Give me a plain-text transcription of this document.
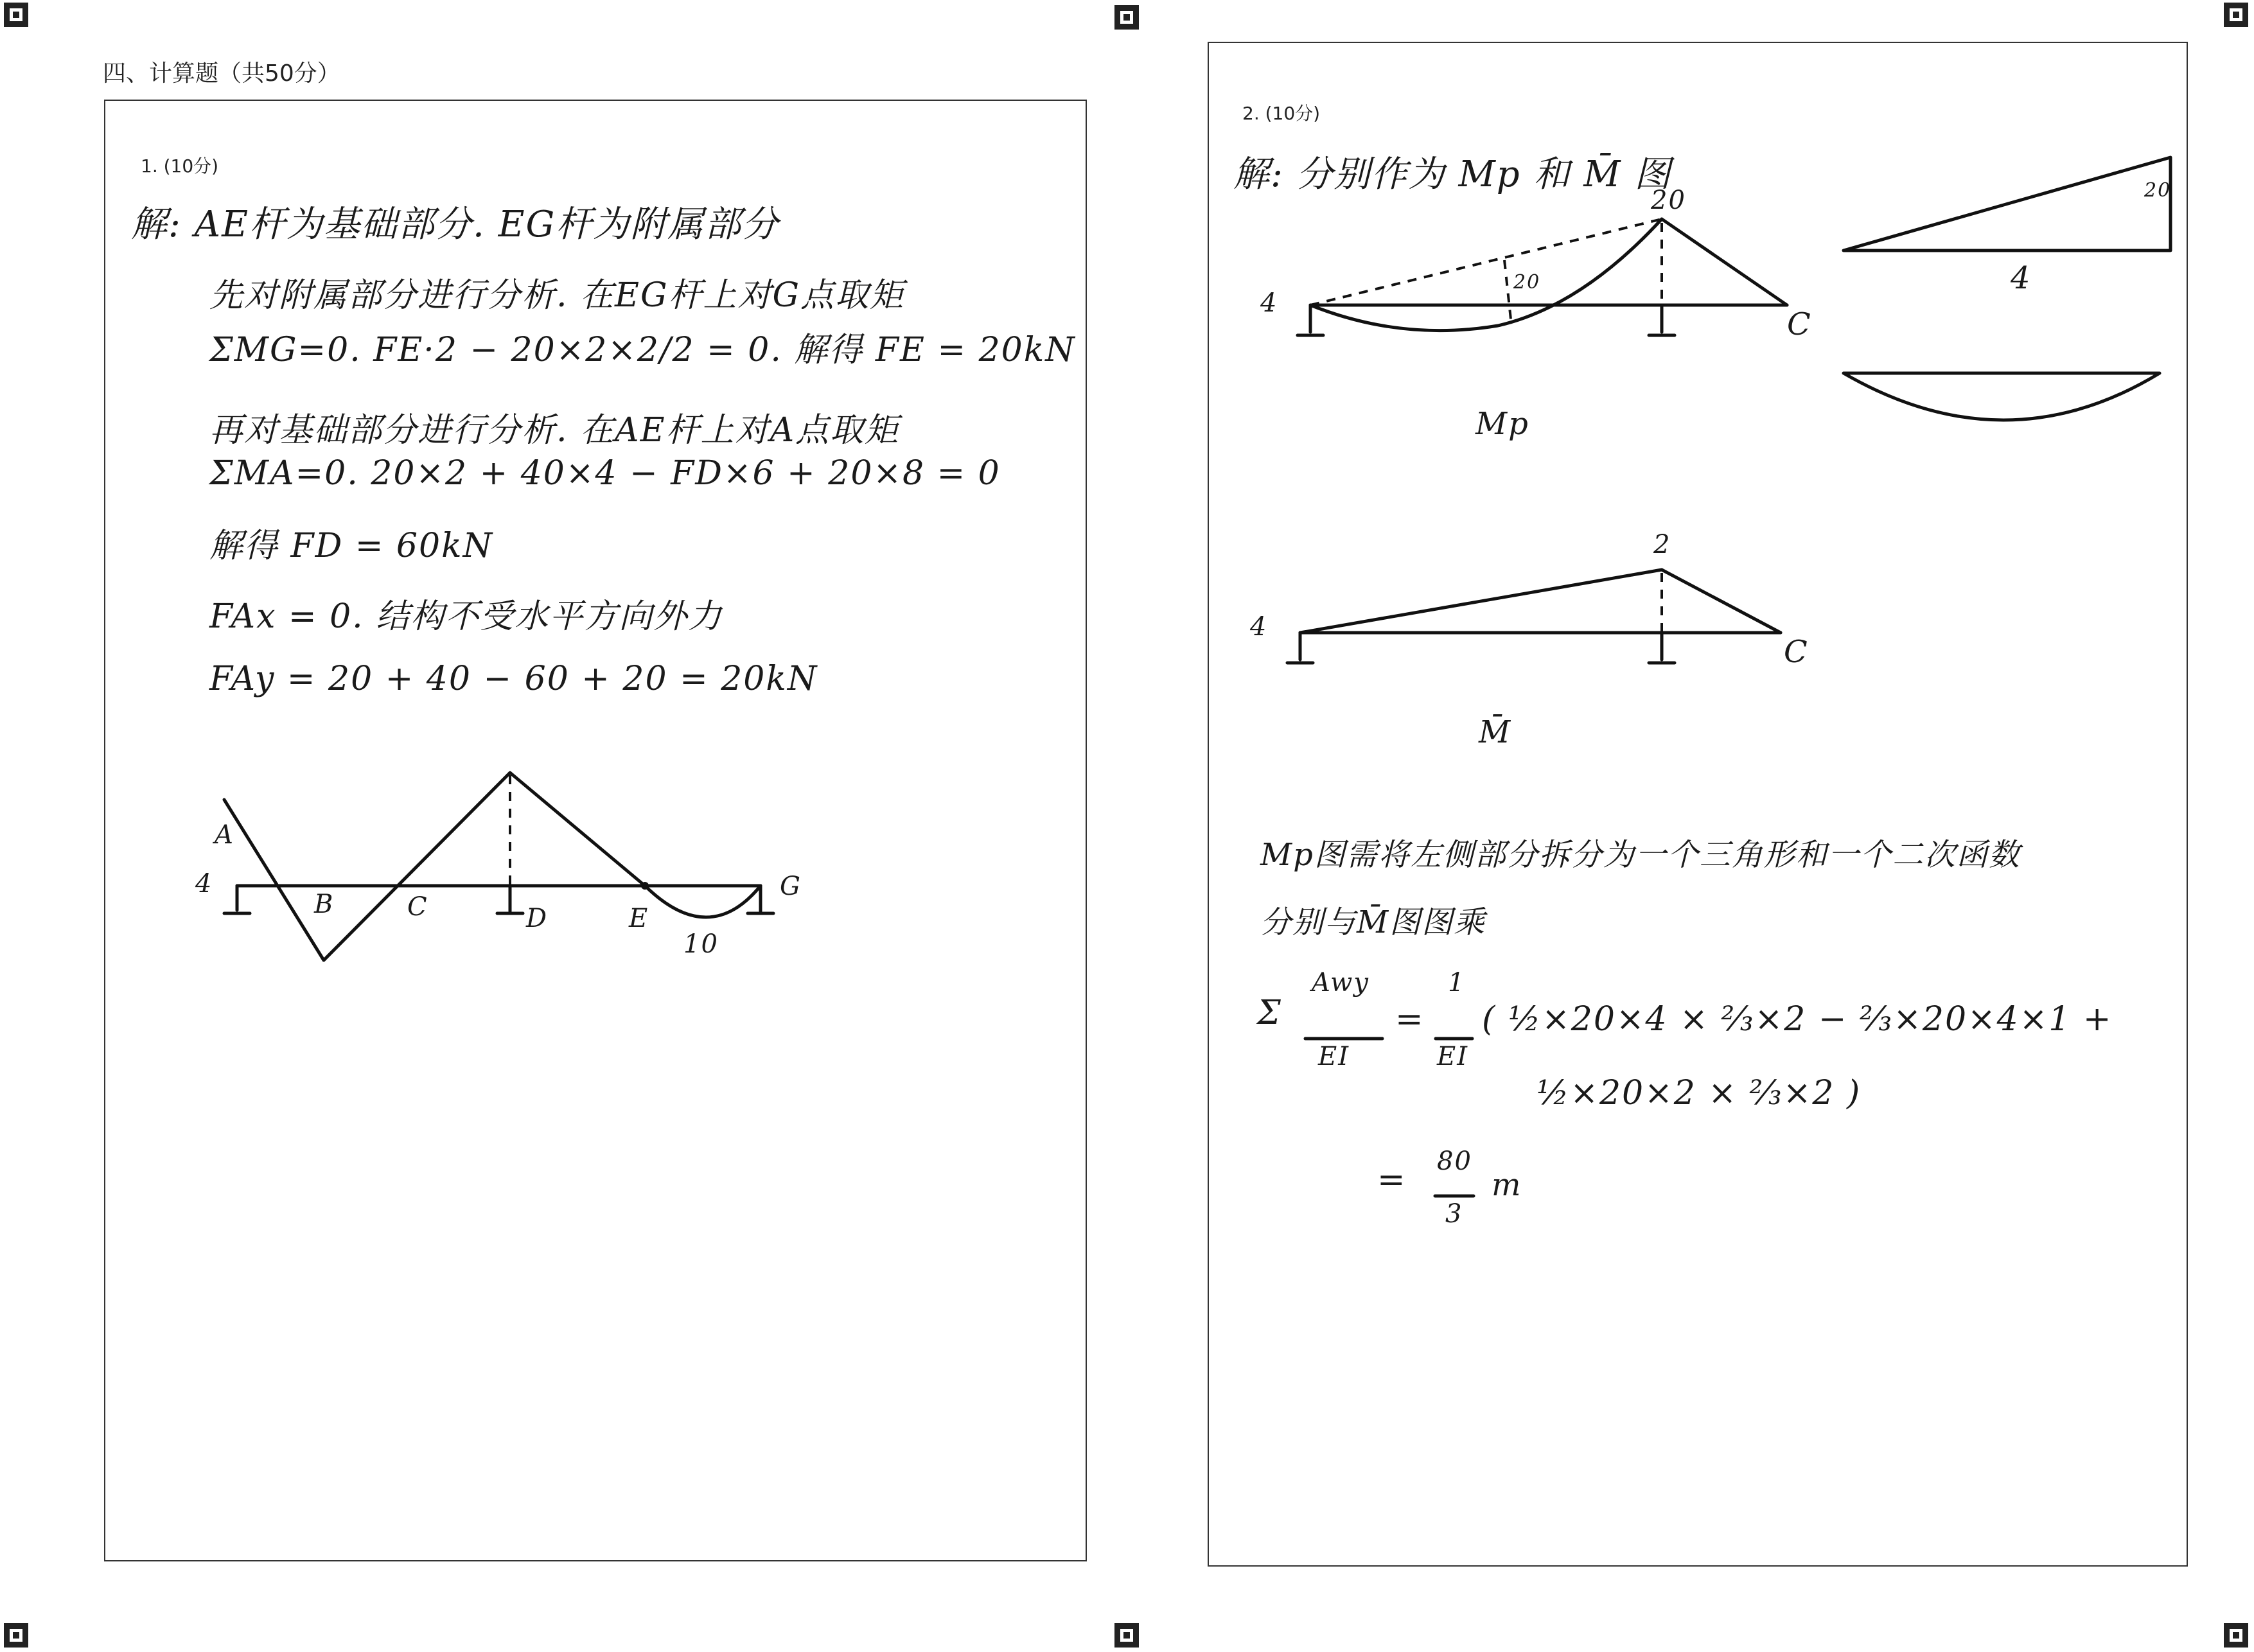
四、计算题（共50分）
1. (10分)
解: AE杆为基础部分. EG杆为附属部分
先对附属部分进行分析. 在EG杆上对G点取矩
ΣMG=0. FE·2 − 20×2×2/2 = 0. 解得 FE = 20kN
再对基础部分进行分析. 在AE杆上对A点取矩
ΣMA=0. 20×2 + 40×4 − FD×6 + 20×8 = 0
解得 FD = 60kN
FAx = 0. 结构不受水平方向外力
FAy = 20 + 40 − 60 + 20 = 20kN
A
4
B	C	D	E
G
10
2. (10分)
解: 分别作为 Mp 和 M̄ 图
4
20
20
C
Mp
20
4
4
2
C
M̄
Mp图需将左侧部分拆分为一个三角形和一个二次函数
分别与M̄图图乘
Σ
Awy
EI
=
1
EI
( ½×20×4 × ⅔×2 − ⅔×20×4×1 +
½×20×2 × ⅔×2 )
= 80
3
m
